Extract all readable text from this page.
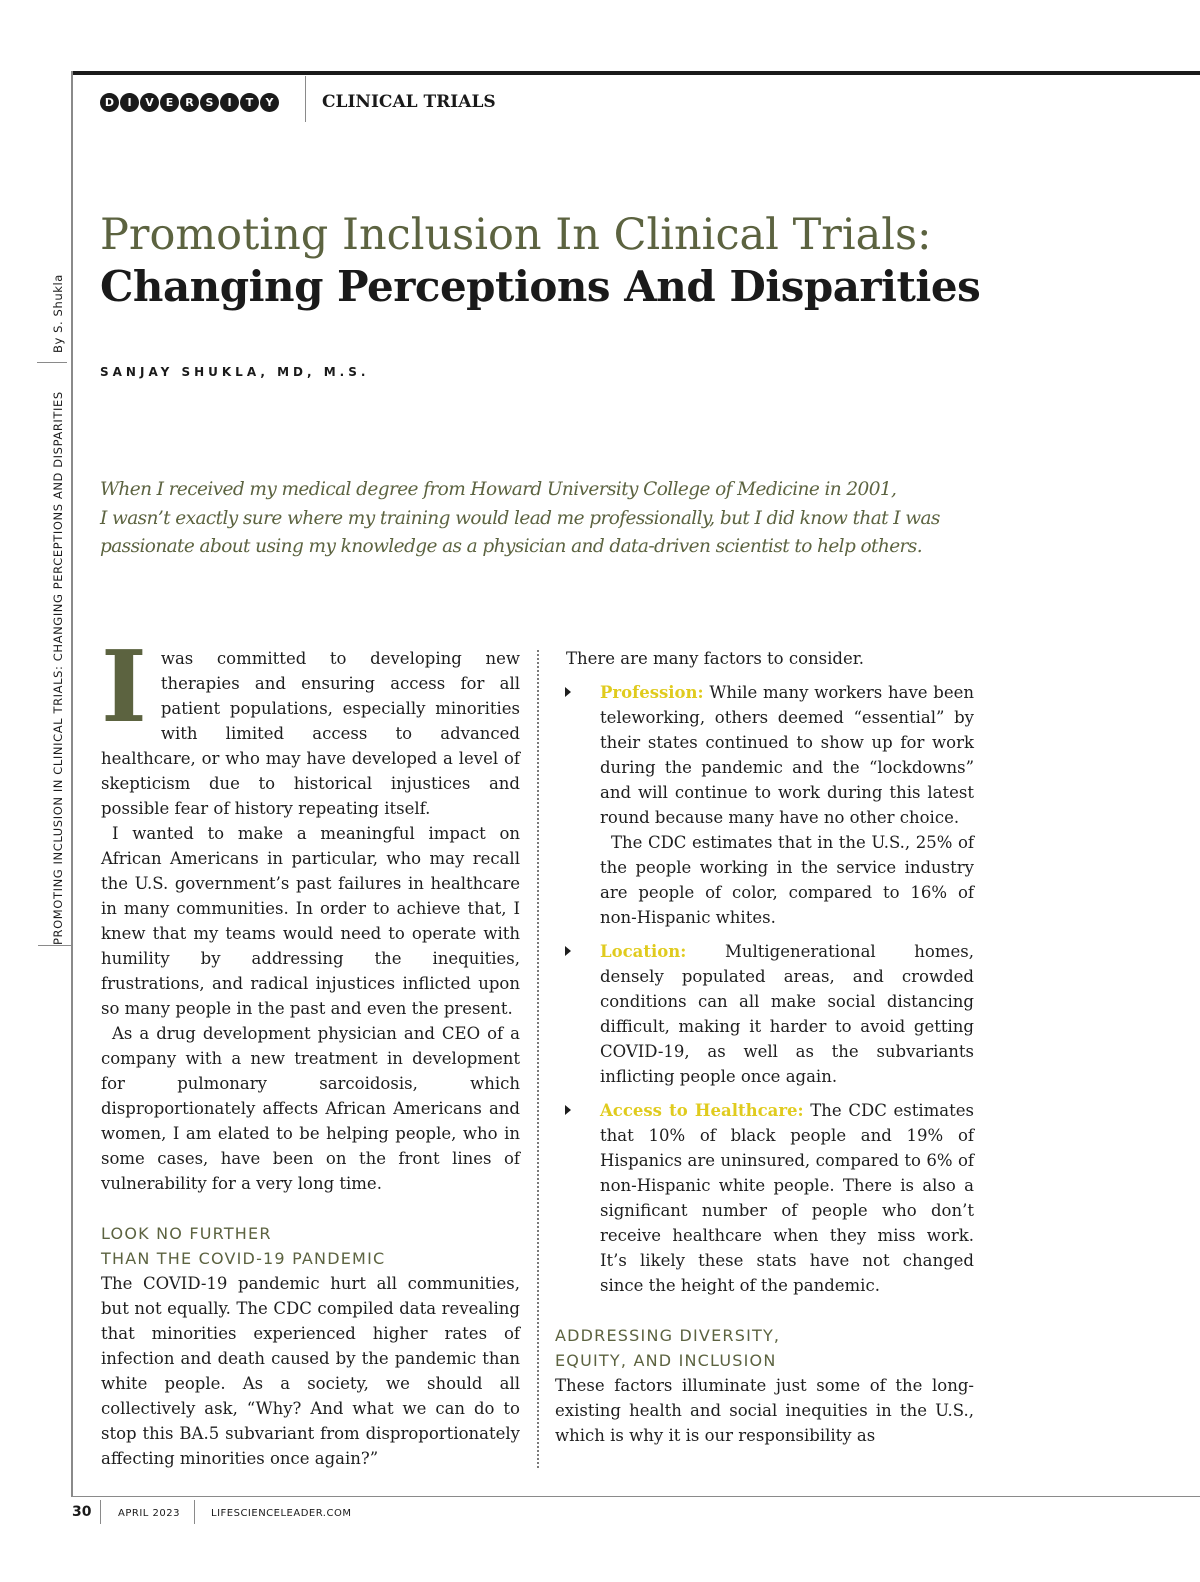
D	I	V	E	R	S	I	T	Y	CLINICAL TRIALS
Promoting Inclusion In Clinical Trials:
Changing Perceptions And Disparities
SANJAY SHUKLA, MD, M.S.

When I received my medical degree from Howard University College of Medicine in 2001,

I wasn’t exactly sure where my training would lead me professionally, but I did know that I was

passionate about using my knowledge as a physician and data-driven scientist to help others.

PROMOTING INCLUSION IN CLINICAL TRIALS: CHANGING PERCEPTIONS AND DISPARITIES
By S. Shukla
I was committed to developing new therapies and ensuring access for all patient populations, especially minorities with limited access to advanced healthcare, or who may have developed a level of skepticism due to historical injustices and possible fear of history repeating itself.

I wanted to make a meaningful impact on African Americans in particular, who may recall the U.S. government’s past failures in healthcare in many communities. In order to achieve that, I knew that my teams would need to operate with humility by addressing the inequities, frustrations, and radical injustices inflicted upon so many people in the past and even the present.

As a drug development physician and CEO of a company with a new treatment in development for pulmonary sarcoidosis, which disproportionately affects African Americans and women, I am elated to be helping people, who in some cases, have been on the front lines of vulnerability for a very long time.

LOOK NO FURTHER
THAN THE COVID-19 PANDEMIC

The COVID-19 pandemic hurt all communities, but not equally. The CDC compiled data revealing that minorities experienced higher rates of infection and death caused by the pandemic than white people. As a society, we should all collectively ask, “Why? And what we can do to stop this BA.5 subvariant from disproportionately affecting minorities once again?”

There are many factors to consider.

Profession: While many workers have been teleworking, others deemed “essential” by their states continued to show up for work during the pandemic and the “lockdowns” and will continue to work during this latest round because many have no other choice.

The CDC estimates that in the U.S., 25% of the people working in the service industry are people of color, compared to 16% of non-Hispanic whites.

Location: Multigenerational homes, densely populated areas, and crowded conditions can all make social distancing difficult, making it harder to avoid getting COVID-19, as well as the subvariants inflicting people once again.

Access to Healthcare: The CDC estimates that 10% of black people and 19% of Hispanics are uninsured, compared to 6% of non-Hispanic white people. There is also a significant number of people who don’t receive healthcare when they miss work. It’s likely these stats have not changed since the height of the pandemic.

ADDRESSING DIVERSITY,
EQUITY, AND INCLUSION

These factors illuminate just some of the long-existing health and social inequities in the U.S., which is why it is our responsibility as

30	APRIL 2023	LIFESCIENCELEADER.COM
